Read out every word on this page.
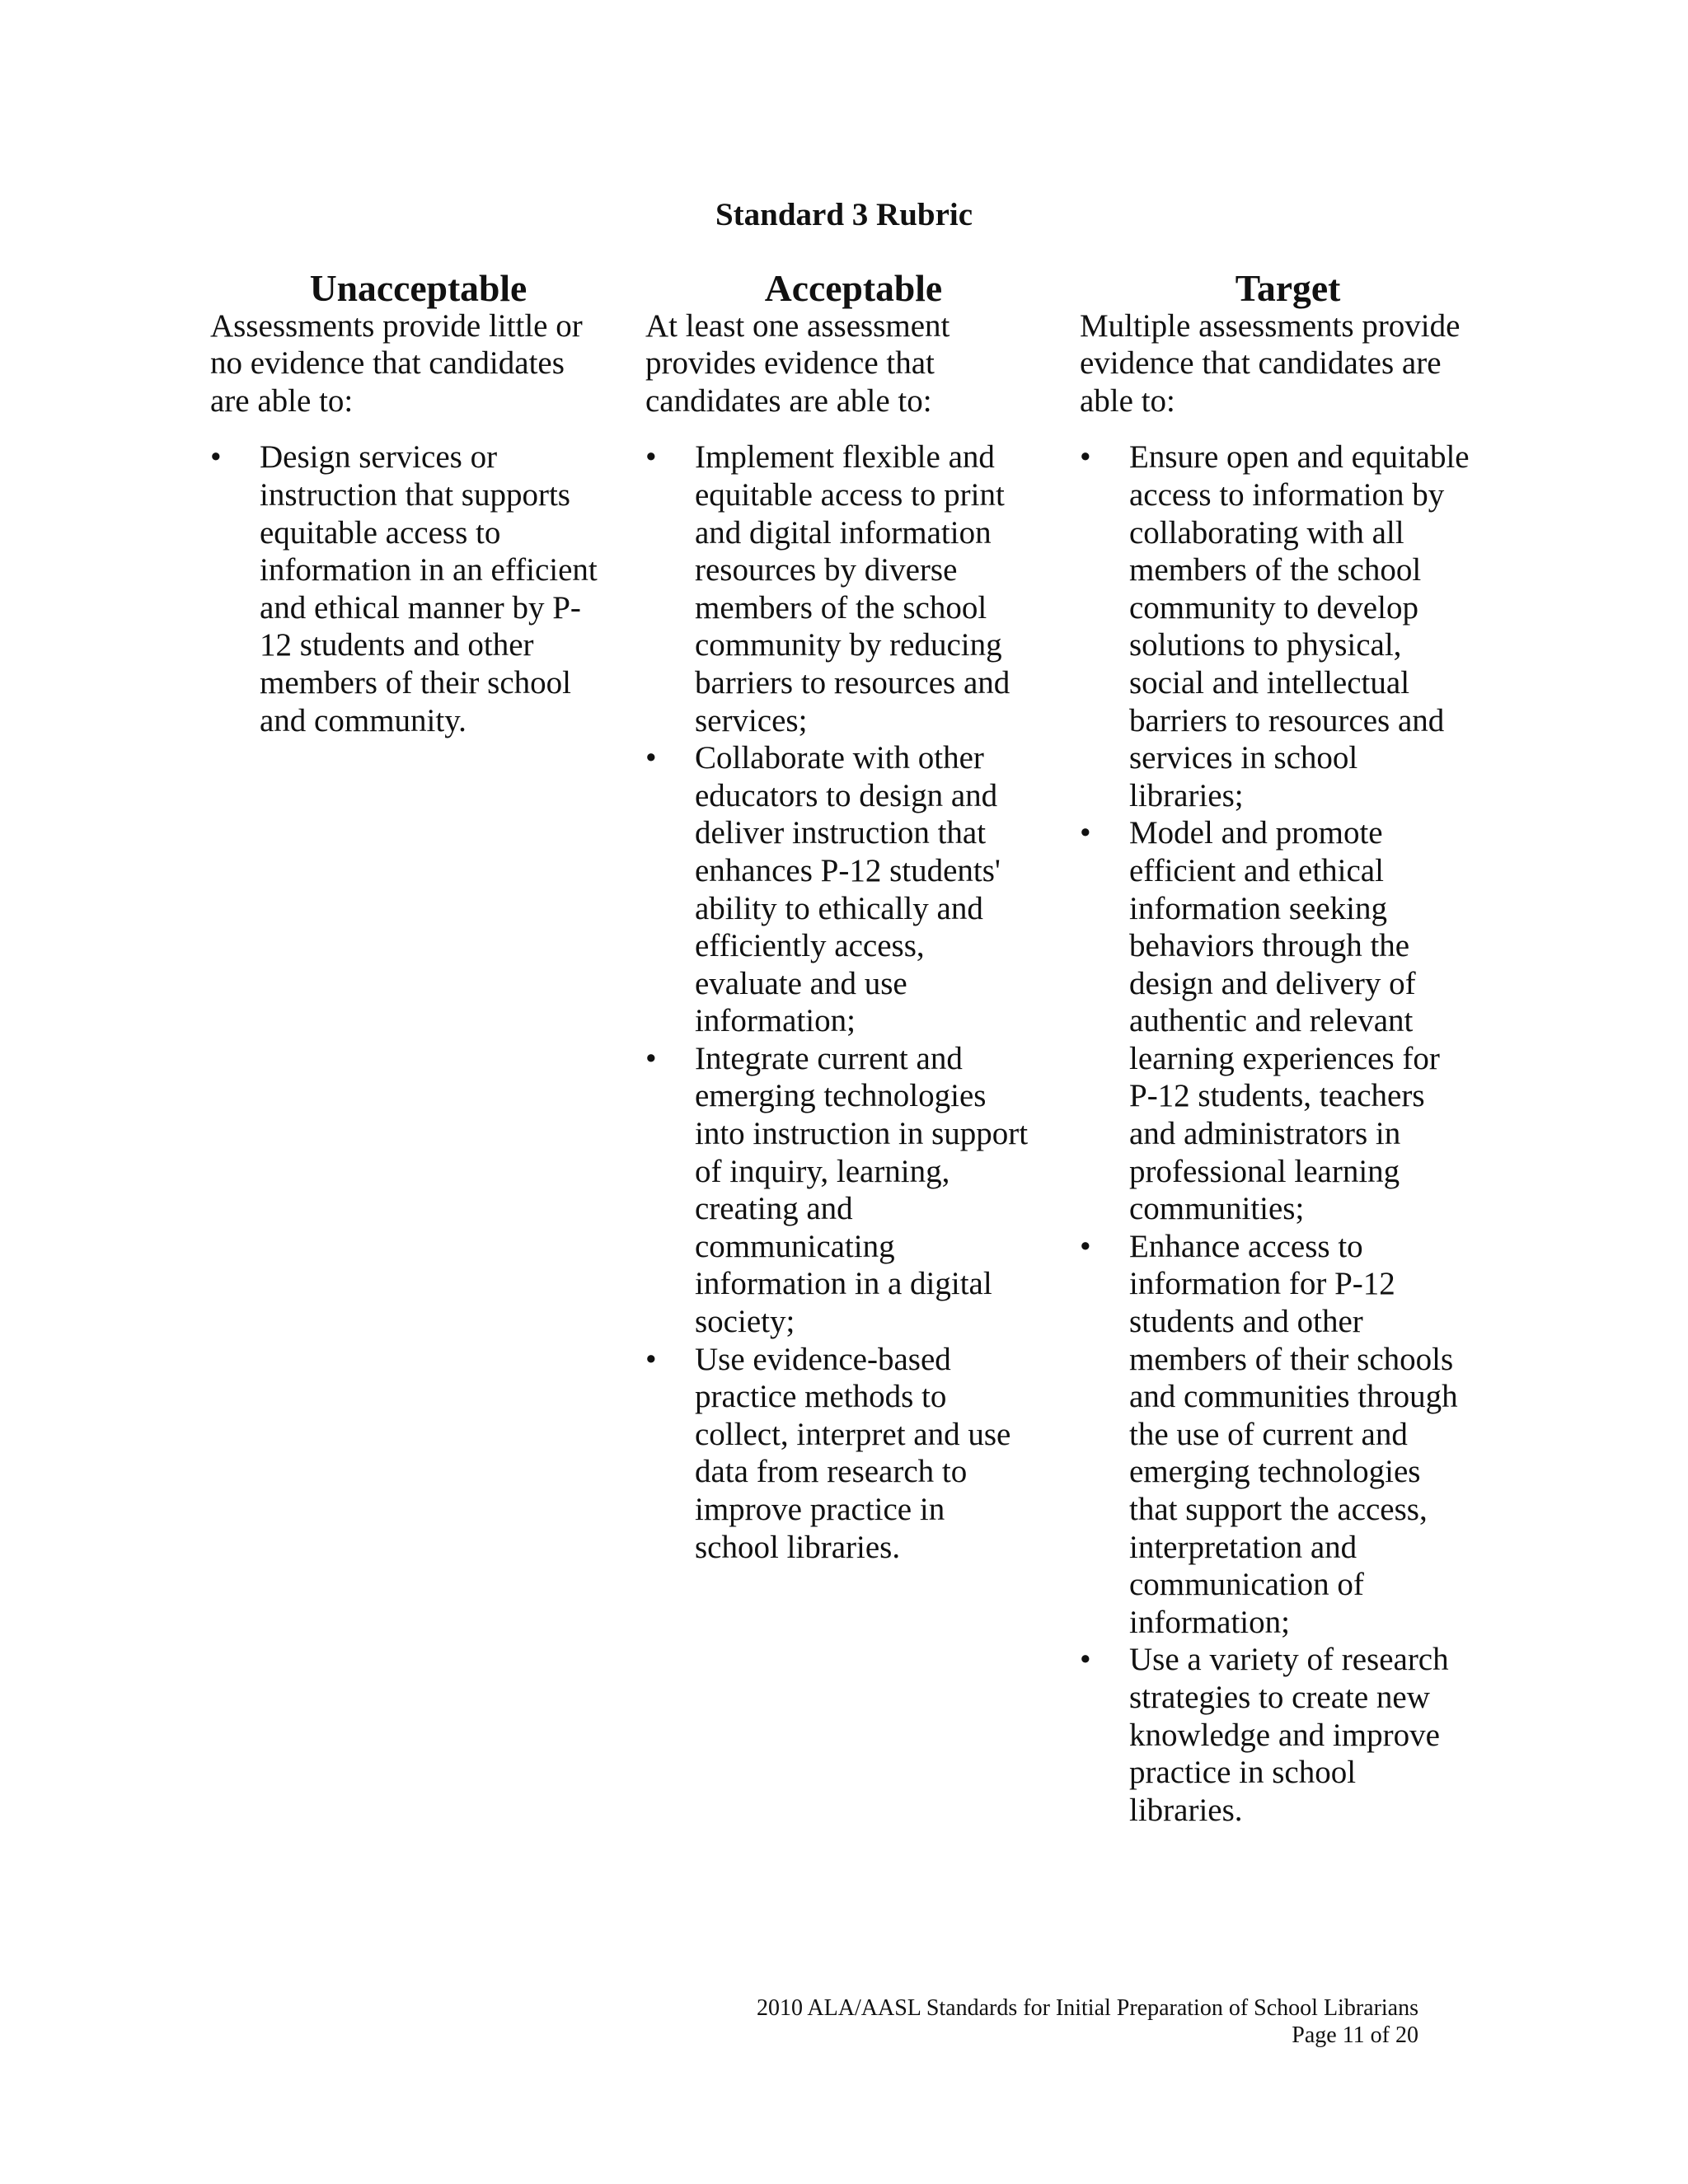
Standard 3 Rubric
Unacceptable

Assessments provide little or
no evidence that candidates
are able to:

• Design services or
instruction that supports
equitable access to
information in an efficient
and ethical manner by P-
12 students and other
members of their school
and community.
Acceptable

At least one assessment
provides evidence that
candidates are able to:

• Implement flexible and
equitable access to print
and digital information
resources by diverse
members of the school
community by reducing
barriers to resources and
services;
• Collaborate with other
educators to design and
deliver instruction that
enhances P-12 students'
ability to ethically and
efficiently access,
evaluate and use
information;
• Integrate current and
emerging technologies
into instruction in support
of inquiry, learning,
creating and
communicating
information in a digital
society;
• Use evidence-based
practice methods to
collect, interpret and use
data from research to
improve practice in
school libraries.
Target

Multiple assessments provide
evidence that candidates are
able to:

• Ensure open and equitable
access to information by
collaborating with all
members of the school
community to develop
solutions to physical,
social and intellectual
barriers to resources and
services in school
libraries;
• Model and promote
efficient and ethical
information seeking
behaviors through the
design and delivery of
authentic and relevant
learning experiences for
P-12 students, teachers
and administrators in
professional learning
communities;
• Enhance access to
information for P-12
students and other
members of their schools
and communities through
the use of current and
emerging technologies
that support the access,
interpretation and
communication of
information;
• Use a variety of research
strategies to create new
knowledge and improve
practice in school
libraries.
2010 ALA/AASL Standards for Initial Preparation of School Librarians
Page 11 of 20
